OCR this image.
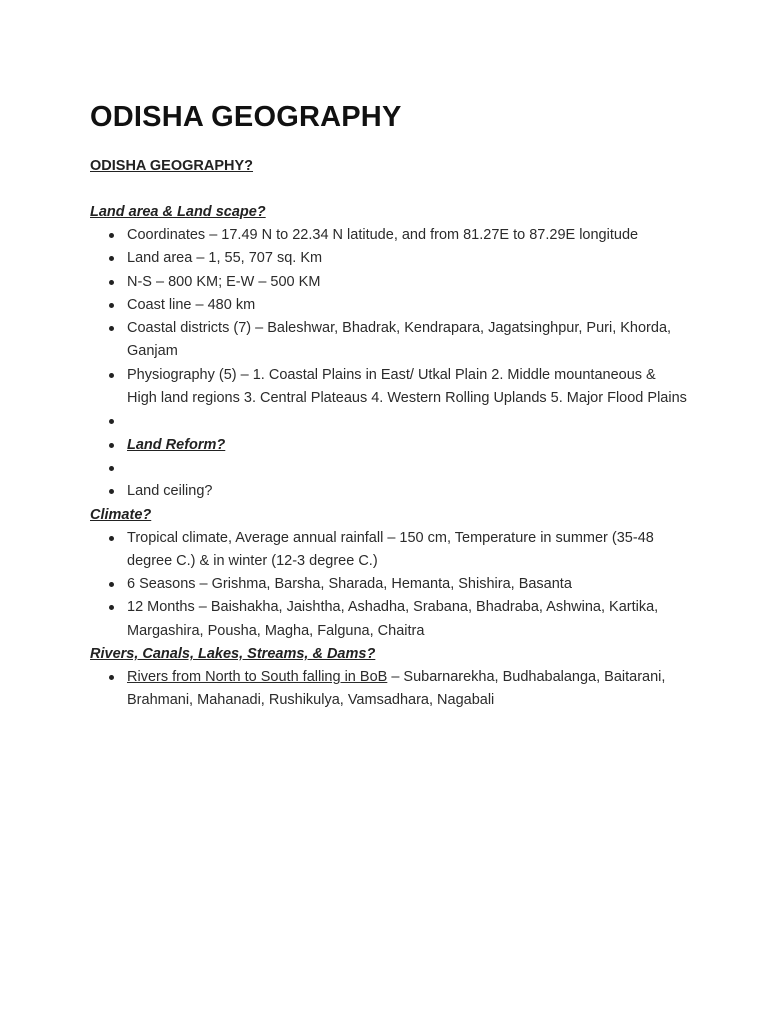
ODISHA GEOGRAPHY

ODISHA GEOGRAPHY?

Land area & Land scape?

Coordinates – 17.49 N to 22.34 N latitude, and from 81.27E to 87.29E longitude
Land area – 1, 55, 707 sq. Km
N-S – 800 KM; E-W – 500 KM
Coast line – 480 km
Coastal districts (7) – Baleshwar, Bhadrak, Kendrapara, Jagatsinghpur, Puri, Khorda, Ganjam
Physiography (5) – 1. Coastal Plains in East/ Utkal Plain 2. Middle mountaneous & High land regions 3. Central Plateaus 4. Western Rolling Uplands 5. Major Flood Plains
Land Reform?
Land ceiling?

Climate?

Tropical climate, Average annual rainfall – 150 cm, Temperature in summer (35-48 degree C.) & in winter (12-3 degree C.)
6 Seasons – Grishma, Barsha, Sharada, Hemanta, Shishira, Basanta
12 Months – Baishakha, Jaishtha, Ashadha, Srabana, Bhadraba, Ashwina, Kartika, Margashira, Pousha, Magha, Falguna, Chaitra

Rivers, Canals, Lakes, Streams, & Dams?

Rivers from North to South falling in BoB – Subarnarekha, Budhabalanga, Baitarani, Brahmani, Mahanadi, Rushikulya, Vamsadhara, Nagabali
